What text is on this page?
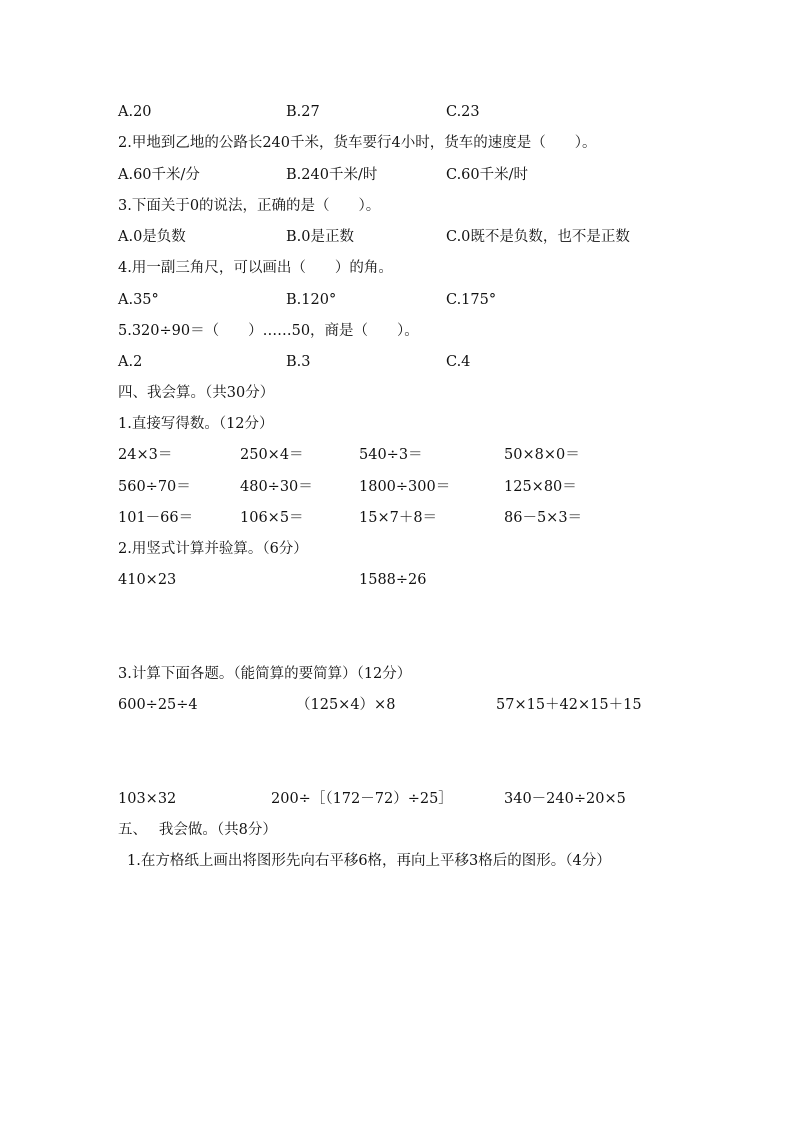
A.20	B.27	C.23
2.甲地到乙地的公路长240千米，货车要行4小时，货车的速度是（　　）。
A.60千米/分	B.240千米/时	C.60千米/时
3.下面关于0的说法，正确的是（　　）。
A.0是负数	B.0是正数	C.0既不是负数，也不是正数
4.用一副三角尺，可以画出（　　）的角。
A.35°	B.120°	C.175°
5.320÷90＝（　　）……50，商是（　　）。
A.2	B.3	C.4
四、我会算。（共30分）
1.直接写得数。（12分）
24×3＝	250×4＝	540÷3＝	50×8×0＝
560÷70＝	480÷30＝	1800÷300＝	125×80＝
101－66＝	106×5＝	15×7＋8＝	86－5×3＝
2.用竖式计算并验算。（6分）
410×23	1588÷26
3.计算下面各题。（能简算的要简算）（12分）
600÷25÷4	（125×4）×8	57×15＋42×15＋15
103×32	200÷［（172－72）÷25］	340－240÷20×5
五、　 我会做。（共8分）
1.在方格纸上画出将图形先向右平移6格，再向上平移3格后的图形。（4分）
